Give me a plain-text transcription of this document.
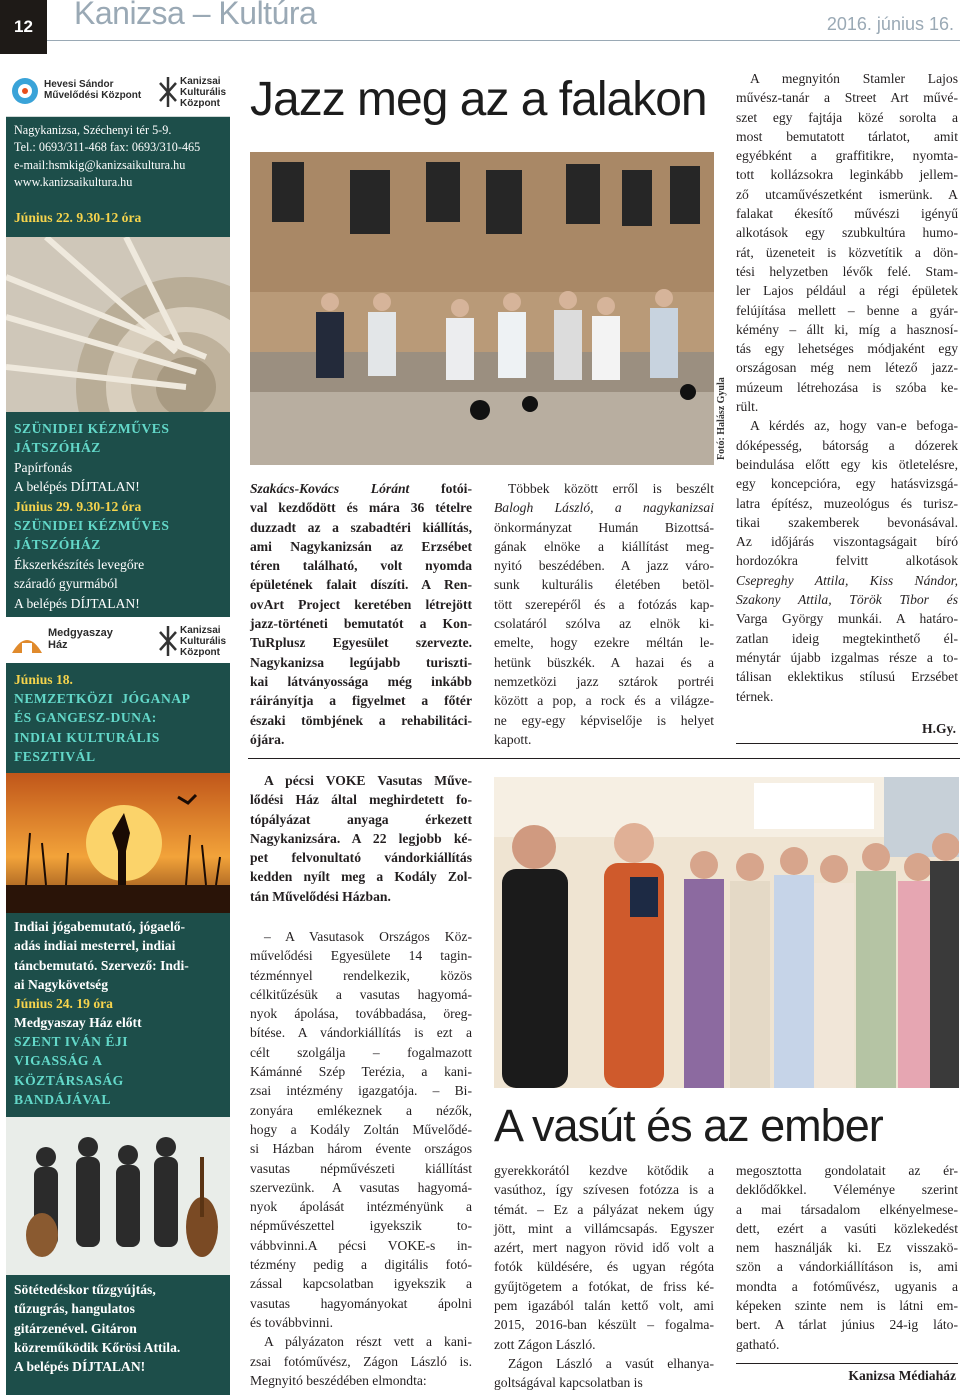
12	Kanizsa – Kultúra	2016. június 16.
Hevesi Sándor
Művelődési Központ
Kanizsai
Kulturális
Központ
Nagykanizsa, Széchenyi tér 5-9.
Tel.: 0693/311-468 fax: 0693/310-465
e-mail:hsmkig@kanizsaikultura.hu
www.kanizsaikultura.hu
Június 22. 9.30-12 óra
SZÜNIDEI KÉZMŰVES
JÁTSZÓHÁZ
Papírfonás
A belépés DÍJTALAN!
Június 29. 9.30-12 óra
SZÜNIDEI KÉZMŰVES
JÁTSZÓHÁZ
Ékszerkészítés levegőre
száradó gyurmából
A belépés DÍJTALAN!
Medgyaszay
Ház
Kanizsai
Kulturális
Központ
Június 18.
NEMZETKÖZI  JÓGANAP
ÉS GANGESZ-DUNA:
INDIAI KULTURÁLIS
FESZTIVÁL
Indiai jógabemutató, jógaelő-
adás indiai mesterrel, indiai
táncbemutató. Szervező: Indi-
ai Nagykövetség
Június 24. 19 óra
Medgyaszay Ház előtt
SZENT IVÁN ÉJI
VIGASSÁG A
KÖZTÁRSASÁG
BANDÁJÁVAL
Sötétedéskor tűzgyújtás,
tűzugrás, hangulatos
gitárzenével. Gitáron
közreműködik Kőrösi Attila.
A belépés DÍJTALAN!
Jazz meg az a falakon
Fotó: Halász Gyula
Szakács-Kovács Lóránt fotói-
val kezdődött és mára 36 tételre
duzzadt az a szabadtéri kiállítás,
ami Nagykanizsán az Erzsébet
téren található, volt nyomda
épületének falait díszíti. A Ren-
ovArt Project keretében létrejött
jazz-történeti bemutatót a Kon-
TuRplusz Egyesület szervezte.
Nagykanizsa legújabb turiszti-
kai látványossága még inkább
ráirányítja a figyelmet a főtér
északi tömbjének a rehabilitáci-
ójára.
Többek között erről is beszélt
Balogh László, a nagykanizsai
önkormányzat Humán Bizottsá-
gának elnöke a kiállítást meg-
nyitó beszédében. A jazz váro-
sunk kulturális életében betöl-
tött szerepéről és a fotózás kap-
csolatáról szólva az elnök ki-
emelte, hogy ezekre méltán le-
hetünk büszkék. A hazai és a
nemzetközi jazz sztárok portréi
között a pop, a rock és a világze-
ne egy-egy képviselője is helyet
kapott.
A megnyitón Stamler Lajos
művész-tanár a Street Art művé-
szet egy fajtája közé sorolta a
most bemutatott tárlatot, amit
egyébként a graffitikre, nyomta-
tott kollázsokra leginkább jellem-
ző utcaművészetként ismerünk. A
falakat ékesítő művészi igényű
alkotások egy szubkultúra humo-
rát, üzeneteit is közvetítik a dön-
tési helyzetben lévők felé. Stam-
ler Lajos például a régi épületek
felújítása mellett – benne a gyár-
kémény – állt ki, míg a hasznosí-
tás egy lehetséges módjaként egy
országosan még nem létező jazz-
múzeum létrehozása is szóba ke-
rült.
A kérdés az, hogy van-e befoga-
dóképesség, bátorság a dózerek
beindulása előtt egy kis ötletelésre,
egy koncepcióra, egy hatásvizsgá-
latra építész, muzeológus és turisz-
tikai szakemberek bevonásával.
Az időjárás viszontagságait bíró
hordozókra felvitt alkotások
Csepreghy Attila, Kiss Nándor,
Szakony Attila, Török Tibor és
Varga György munkái. A határo-
zatlan ideig megtekinthető él-
ménytár újabb izgalmas része a to-
tálisan eklektikus stílusú Erzsébet
térnek.
H.Gy.
A pécsi VOKE Vasutas Műve-
lődési Ház által meghirdetett fo-
tópályázat anyaga érkezett
Nagykanizsára. A 22 legjobb ké-
pet felvonultató vándorkiállítás
kedden nyílt meg a Kodály Zol-
tán Művelődési Házban.
– A Vasutasok Országos Köz-
művelődési Egyesülete 14 tagin-
tézménnyel rendelkezik, közös
célkitűzésük a vasutas hagyomá-
nyok ápolása, továbbadása, öreg-
bítése. A vándorkiállítás is ezt a
célt szolgálja – fogalmazott
Kámánné Szép Terézia, a kani-
zsai intézmény igazgatója. – Bi-
zonyára emlékeznek a nézők,
hogy a Kodály Zoltán Művelődé-
si Házban három évente országos
vasutas népművészeti kiállítást
szervezünk. A vasutas hagyomá-
nyok ápolását intézményünk a
népművészettel igyekszik to-
vábbvinni.A pécsi VOKE-s in-
tézmény pedig a digitális fotó-
zással kapcsolatban igyekszik a
vasutas hagyományokat ápolni
és továbbvinni.
A pályázaton részt vett a kani-
zsai fotóművész, Zágon László is.
Megnyitó beszédében elmondta:
A vasút és az ember
gyerekkorától kezdve kötődik a
vasúthoz, így szívesen fotózza is a
témát. – Ez a pályázat nekem úgy
jött, mint a villámcsapás. Egyszer
azért, mert nagyon rövid idő volt a
fotók küldésére, és ugyan régóta
gyűjtögetem a fotókat, de friss ké-
pem igazából talán kettő volt, ami
2015, 2016-ban készült – fogalma-
zott Zágon László.
Zágon László a vasút elhanya-
goltságával kapcsolatban is
megosztotta gondolatait az ér-
deklődőkkel. Véleménye szerint
a mai társadalom elkényelmese-
dett, ezért a vasúti közlekedést
nem használják ki. Ez visszakö-
szön a vándorkiállításon is, ami
mondta a fotóművész, ugyanis a
képeken szinte nem is látni em-
bert. A tárlat június 24-ig láto-
gatható.
Kanizsa Médiaház
